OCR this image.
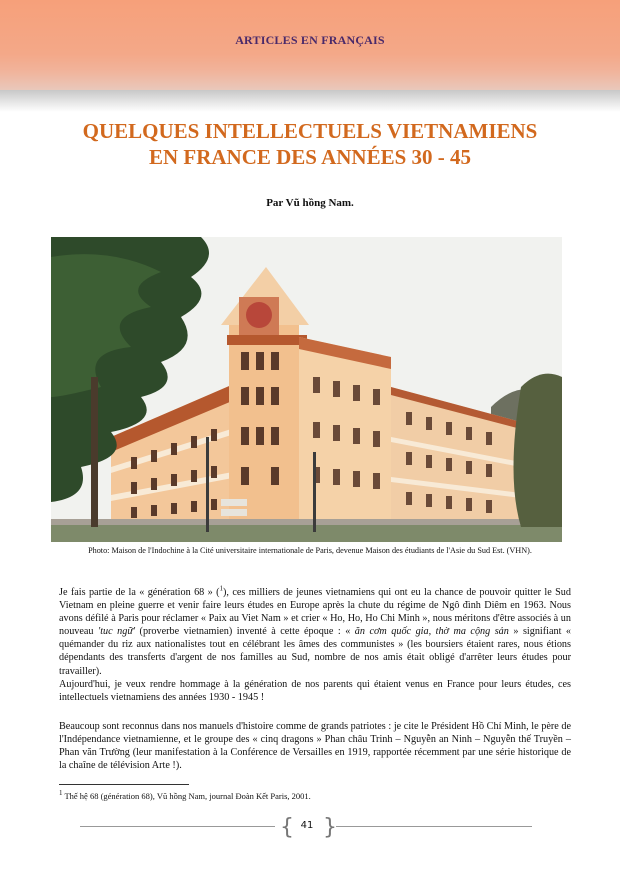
ARTICLES EN FRANÇAIS
QUELQUES INTELLECTUELS VIETNAMIENS
EN FRANCE DES ANNÉES 30 - 45
Par Vũ hồng Nam.
Photo: Maison de l'Indochine à la Cité universitaire internationale de Paris, devenue Maison des étudiants de l'Asie du Sud Est. (VHN).

Je fais partie de la « génération 68 » ($^1$), ces milliers de jeunes vietnamiens qui ont eu la chance de pouvoir quitter le Sud Vietnam en pleine guerre et venir faire leurs études en Europe après la chute du régime de Ngô đình Diêm en 1963. Nous avons défilé à Paris pour réclamer « Paix au Viet Nam » et crier « Ho, Ho, Ho Chi Minh », nous méritons d'être associés à un nouveau 'tuc ngữ' (proverbe vietnamien) inventé à cette époque : « ăn cơm quốc gia, thờ ma cộng sản » signifiant « quémander du riz aux nationalistes tout en célébrant les âmes des communistes » (les boursiers étaient rares, nous étions dépendants des transferts d'argent de nos familles au Sud, nombre de nos amis était obligé d'arrêter leurs études pour travailler).

Aujourd'hui, je veux rendre hommage à la génération de nos parents qui étaient venus en France pour leurs études, ces intellectuels vietnamiens des années 1930 - 1945 !

Beaucoup sont reconnus dans nos manuels d'histoire comme de grands patriotes : je cite le Président Hồ Chí Minh, le père de l'Indépendance vietnamienne, et le groupe des « cinq dragons » Phan châu Trinh – Nguyễn an Ninh – Nguyễn thế Truyền – Phan văn Trường (leur manifestation à la Conférence de Versailles en 1919, rapportée récemment par une série historique de la chaîne de télévision Arte !).

$^1$ Thế hệ 68 (génération 68), Vũ hồng Nam, journal Đoàn Kết Paris, 2001.
{ }
41
